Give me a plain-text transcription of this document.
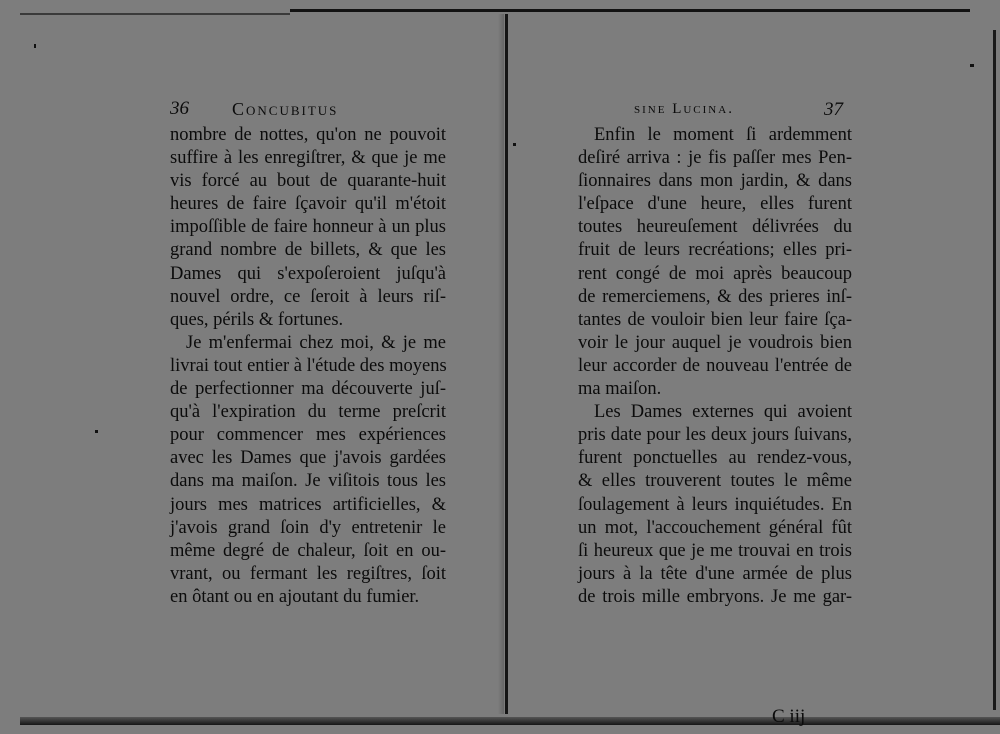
36 Concubitus
nombre de nottes, qu'on ne pouvoit
suffire à les enregiſtrer, & que je me
vis forcé au bout de quarante-huit
heures de faire ſçavoir qu'il m'étoit
impoſſible de faire honneur à un plus
grand nombre de billets, & que les
Dames qui s'expoſeroient juſqu'à
nouvel ordre, ce ſeroit à leurs riſ-
ques, périls & fortunes.
Je m'enfermai chez moi, & je me
livrai tout entier à l'étude des moyens
de perfectionner ma découverte juſ-
qu'à l'expiration du terme preſcrit
pour commencer mes expériences
avec les Dames que j'avois gardées
dans ma maiſon. Je viſitois tous les
jours mes matrices artificielles, &
j'avois grand ſoin d'y entretenir le
même degré de chaleur, ſoit en ou-
vrant, ou fermant les regiſtres, ſoit
en ôtant ou en ajoutant du fumier.
sine Lucina.	37
Enfin le moment ſi ardemment
deſiré arriva : je fis paſſer mes Pen-
ſionnaires dans mon jardin, & dans
l'eſpace d'une heure, elles furent
toutes heureuſement délivrées du
fruit de leurs recréations; elles pri-
rent congé de moi après beaucoup
de remerciemens, & des prieres inſ-
tantes de vouloir bien leur faire ſça-
voir le jour auquel je voudrois bien
leur accorder de nouveau l'entrée de
ma maiſon.
Les Dames externes qui avoient
pris date pour les deux jours ſuivans,
furent ponctuelles au rendez-vous,
& elles trouverent toutes le même
ſoulagement à leurs inquiétudes. En
un mot, l'accouchement général fût
ſi heureux que je me trouvai en trois
jours à la tête d'une armée de plus
de trois mille embryons. Je me gar-
C iij
